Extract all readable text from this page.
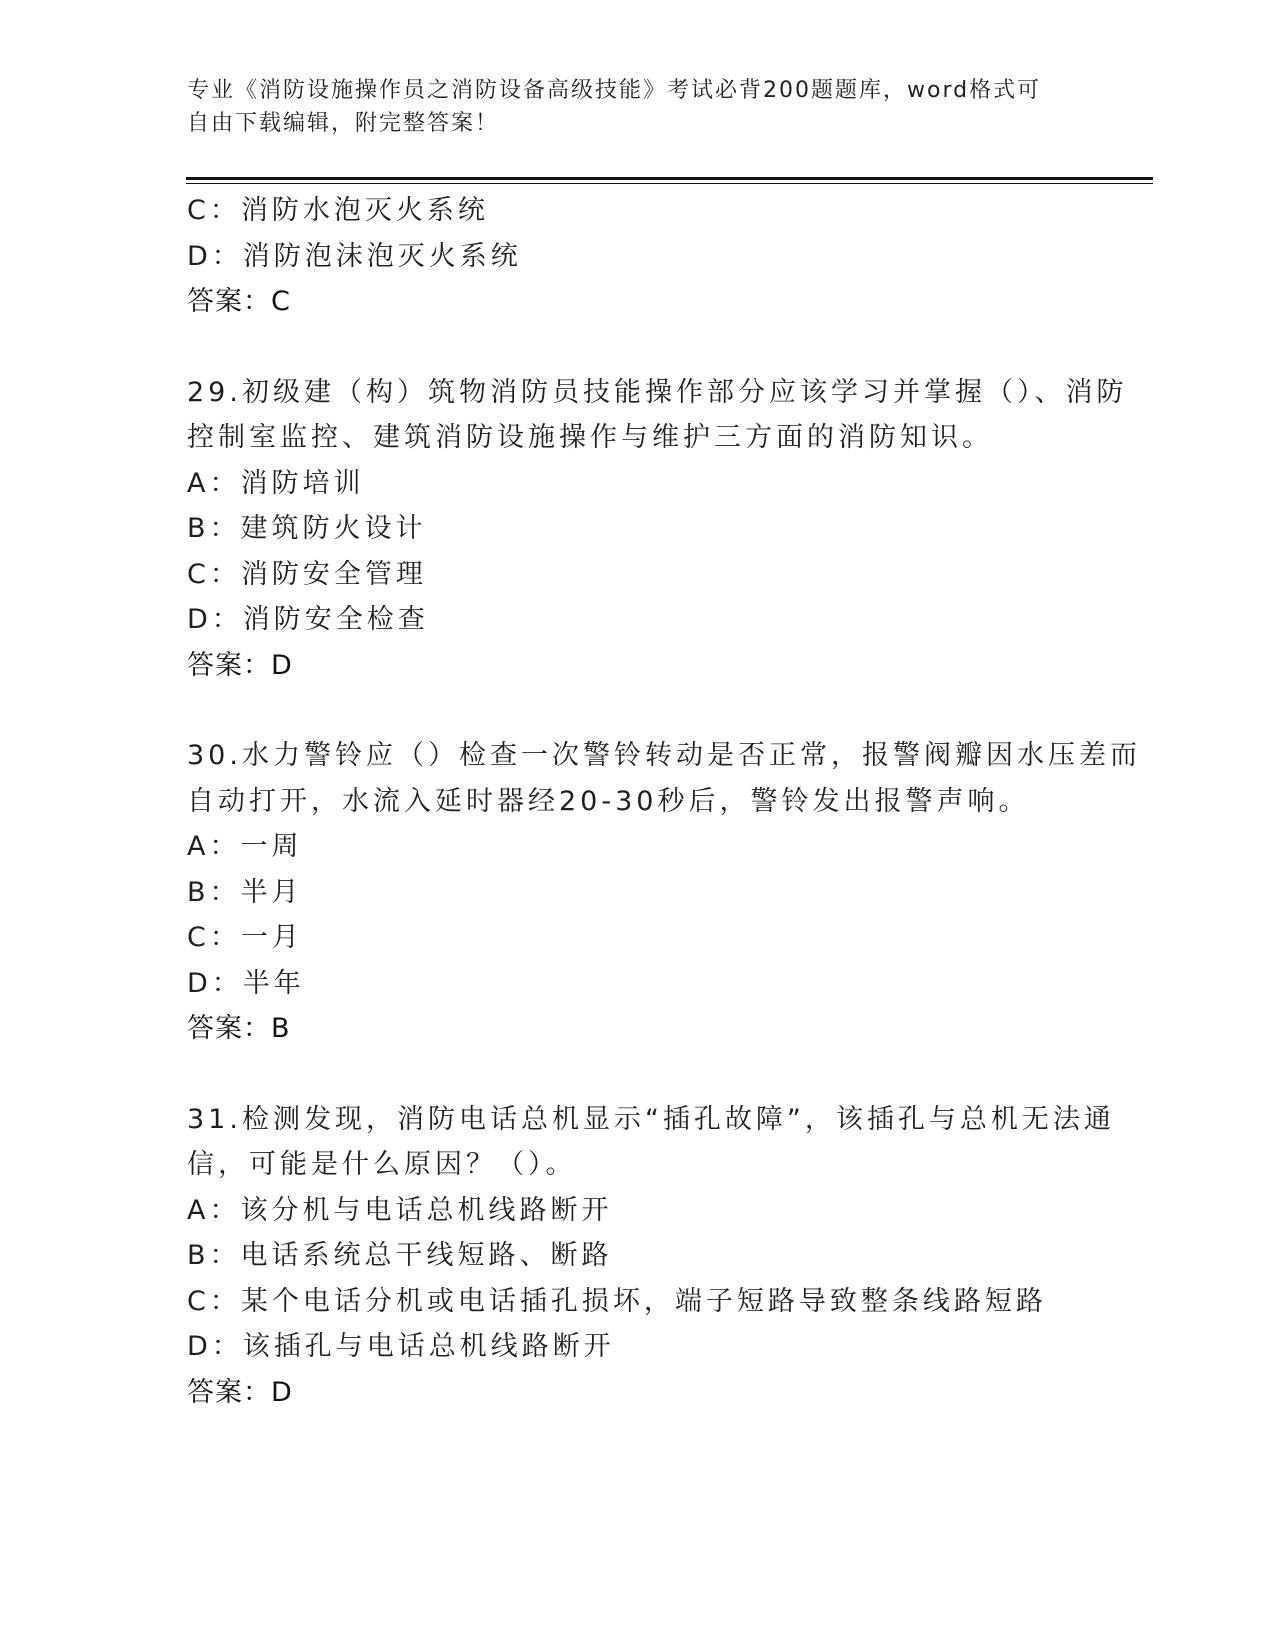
专业《消防设施操作员之消防设备高级技能》考试必背200题题库，word格式可
自由下载编辑，附完整答案！
C：消防水泡灭火系统
D：消防泡沫泡灭火系统
答案：C
29.初级建（构）筑物消防员技能操作部分应该学习并掌握（）、消防
控制室监控、建筑消防设施操作与维护三方面的消防知识。
A：消防培训
B：建筑防火设计
C：消防安全管理
D：消防安全检查
答案：D
30.水力警铃应（）检查一次警铃转动是否正常，报警阀瓣因水压差而
自动打开，水流入延时器经20-30秒后，警铃发出报警声响。
A：一周
B：半月
C：一月
D：半年
答案：B
31.检测发现，消防电话总机显示“插孔故障”，该插孔与总机无法通
信，可能是什么原因？（）。
A：该分机与电话总机线路断开
B：电话系统总干线短路、断路
C：某个电话分机或电话插孔损坏，端子短路导致整条线路短路
D：该插孔与电话总机线路断开
答案：D
